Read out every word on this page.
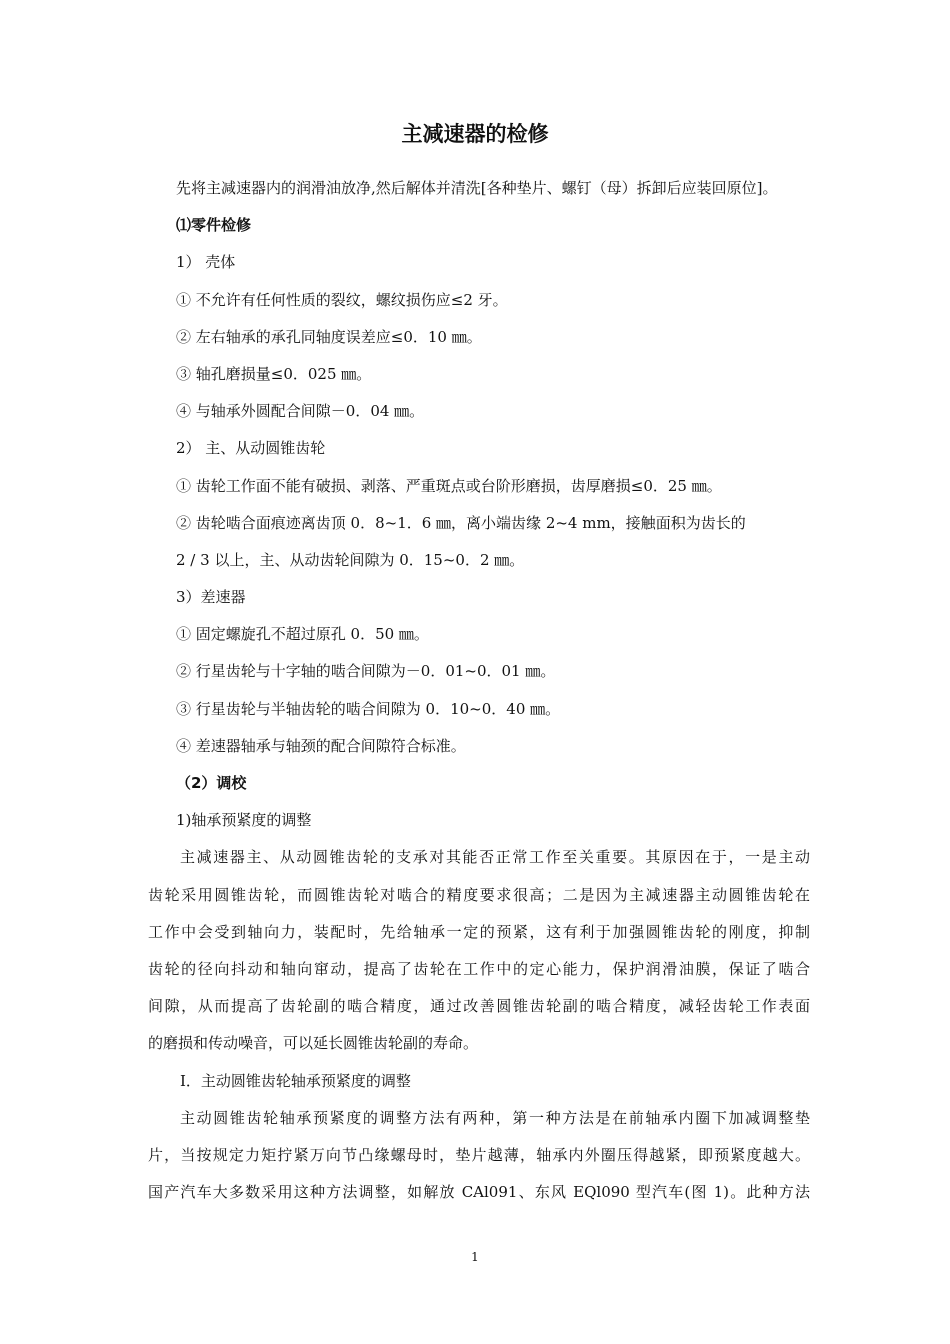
主减速器的检修
先将主减速器内的润滑油放净,然后解体并清洗[各种垫片、螺钉（母）拆卸后应装回原位]。
⑴零件检修
1） 壳体
① 不允许有任何性质的裂纹，螺纹损伤应≤2 牙。
② 左右轴承的承孔同轴度误差应≤0．10 ㎜。
③ 轴孔磨损量≤0．025 ㎜。
④ 与轴承外圆配合间隙－0．04 ㎜。
2） 主、从动圆锥齿轮
① 齿轮工作面不能有破损、剥落、严重斑点或台阶形磨损，齿厚磨损≤0．25 ㎜。
② 齿轮啮合面痕迹离齿顶 0．8~1．6 ㎜，离小端齿缘 2~4 mm，接触面积为齿长的
2 / 3 以上，主、从动齿轮间隙为 0．15~0．2 ㎜。
3）差速器
① 固定螺旋孔不超过原孔 0．50 ㎜。
② 行星齿轮与十字轴的啮合间隙为－0．01~0．01 ㎜。
③ 行星齿轮与半轴齿轮的啮合间隙为 0．10~0．40 ㎜。
④ 差速器轴承与轴颈的配合间隙符合标准。
（2）调校
1)轴承预紧度的调整
主减速器主、从动圆锥齿轮的支承对其能否正常工作至关重要。其原因在于，一是主动
齿轮采用圆锥齿轮，而圆锥齿轮对啮合的精度要求很高；二是因为主减速器主动圆锥齿轮在
工作中会受到轴向力，装配时，先给轴承一定的预紧，这有利于加强圆锥齿轮的刚度，抑制
齿轮的径向抖动和轴向窜动，提高了齿轮在工作中的定心能力，保护润滑油膜，保证了啮合
间隙，从而提高了齿轮副的啮合精度，通过改善圆锥齿轮副的啮合精度，减轻齿轮工作表面
的磨损和传动噪音，可以延长圆锥齿轮副的寿命。
Ⅰ．主动圆锥齿轮轴承预紧度的调整
主动圆锥齿轮轴承预紧度的调整方法有两种，第一种方法是在前轴承内圈下加减调整垫
片，当按规定力矩拧紧万向节凸缘螺母时，垫片越薄，轴承内外圈压得越紧，即预紧度越大。
国产汽车大多数采用这种方法调整，如解放 CAl091、东风 EQl090 型汽车(图 1)。此种方法
1
